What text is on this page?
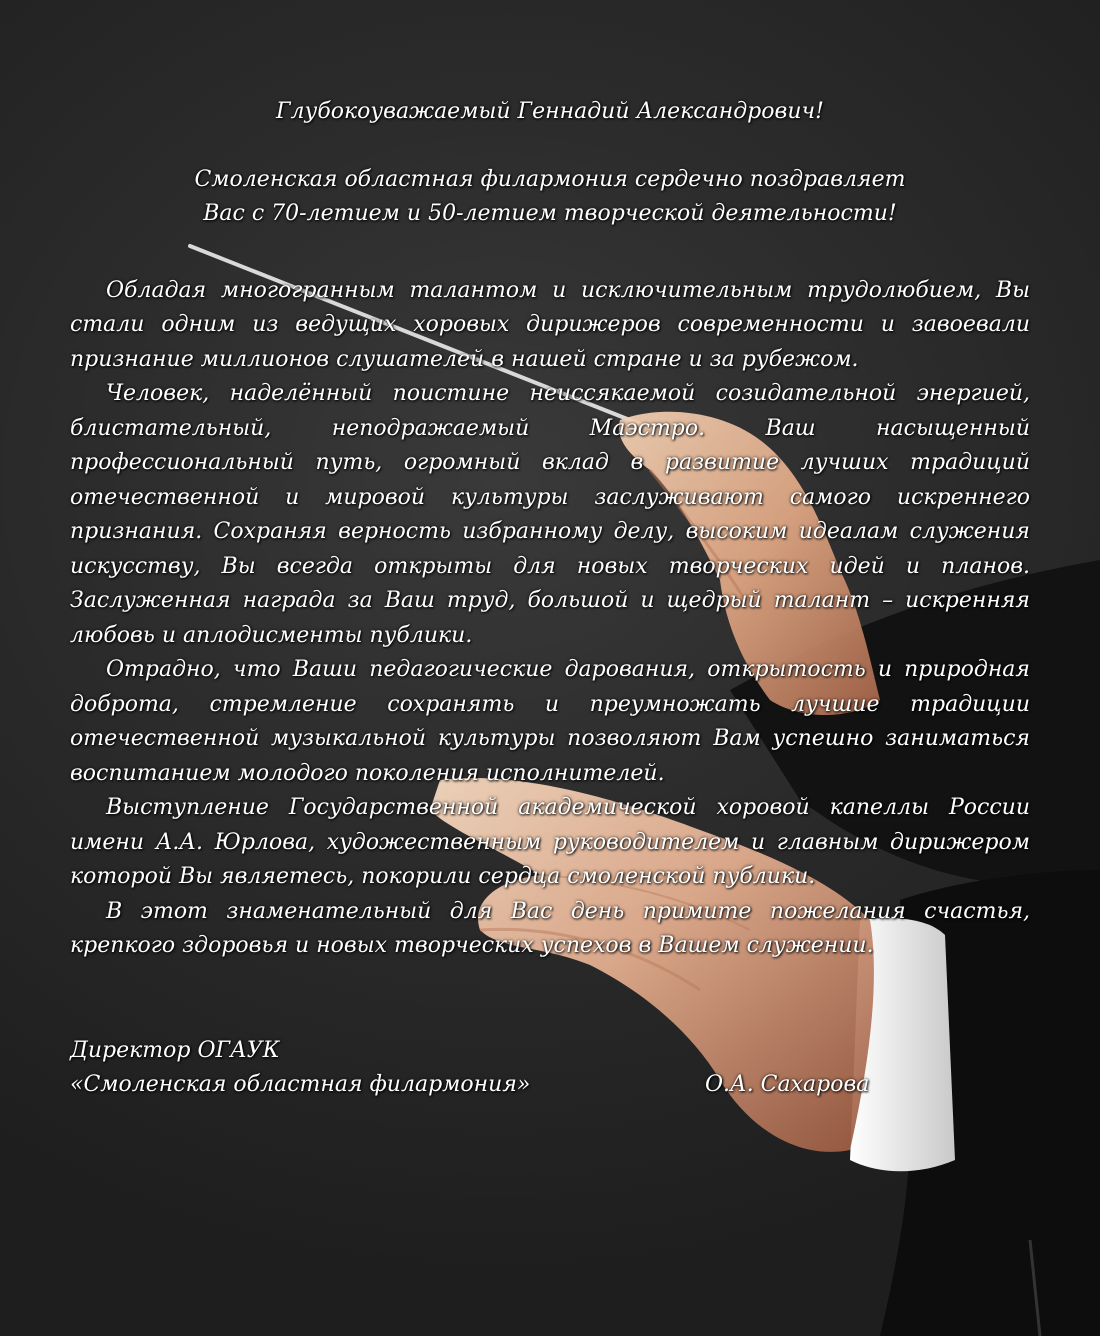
Глубокоуважаемый Геннадий Александрович!
Смоленская областная филармония сердечно поздравляет
Вас с 70-летием и 50-летием творческой деятельности!

Обладая многогранным талантом и исключительным трудолюбием, Вы стали одним из ведущих хоровых дирижеров современности и завоевали признание миллионов слушателей в нашей стране и за рубежом.

Человек, наделённый поистине неиссякаемой созидательной энергией, блистательный, неподражаемый Маэстро. Ваш насыщенный профессиональный путь, огромный вклад в развитие лучших традиций отечественной и мировой культуры заслуживают самого искреннего признания. Сохраняя верность избранному делу, высоким идеалам служения искусству, Вы всегда открыты для новых творческих идей и планов. Заслуженная награда за Ваш труд, большой и щедрый талант – искренняя любовь и аплодисменты публики.

Отрадно, что Ваши педагогические дарования, открытость и природная доброта, стремление сохранять и преумножать лучшие традиции отечественной музыкальной культуры позволяют Вам успешно заниматься воспитанием молодого поколения исполнителей.

Выступление Государственной академической хоровой капеллы России имени А.А. Юрлова, художественным руководителем и главным дирижером которой Вы являетесь, покорили сердца смоленской публики.

В этот знаменательный для Вас день примите пожелания счастья, крепкого здоровья и новых творческих успехов в Вашем служении.

Директор ОГАУК
«Смоленская областная филармония»	О.А. Сахарова
